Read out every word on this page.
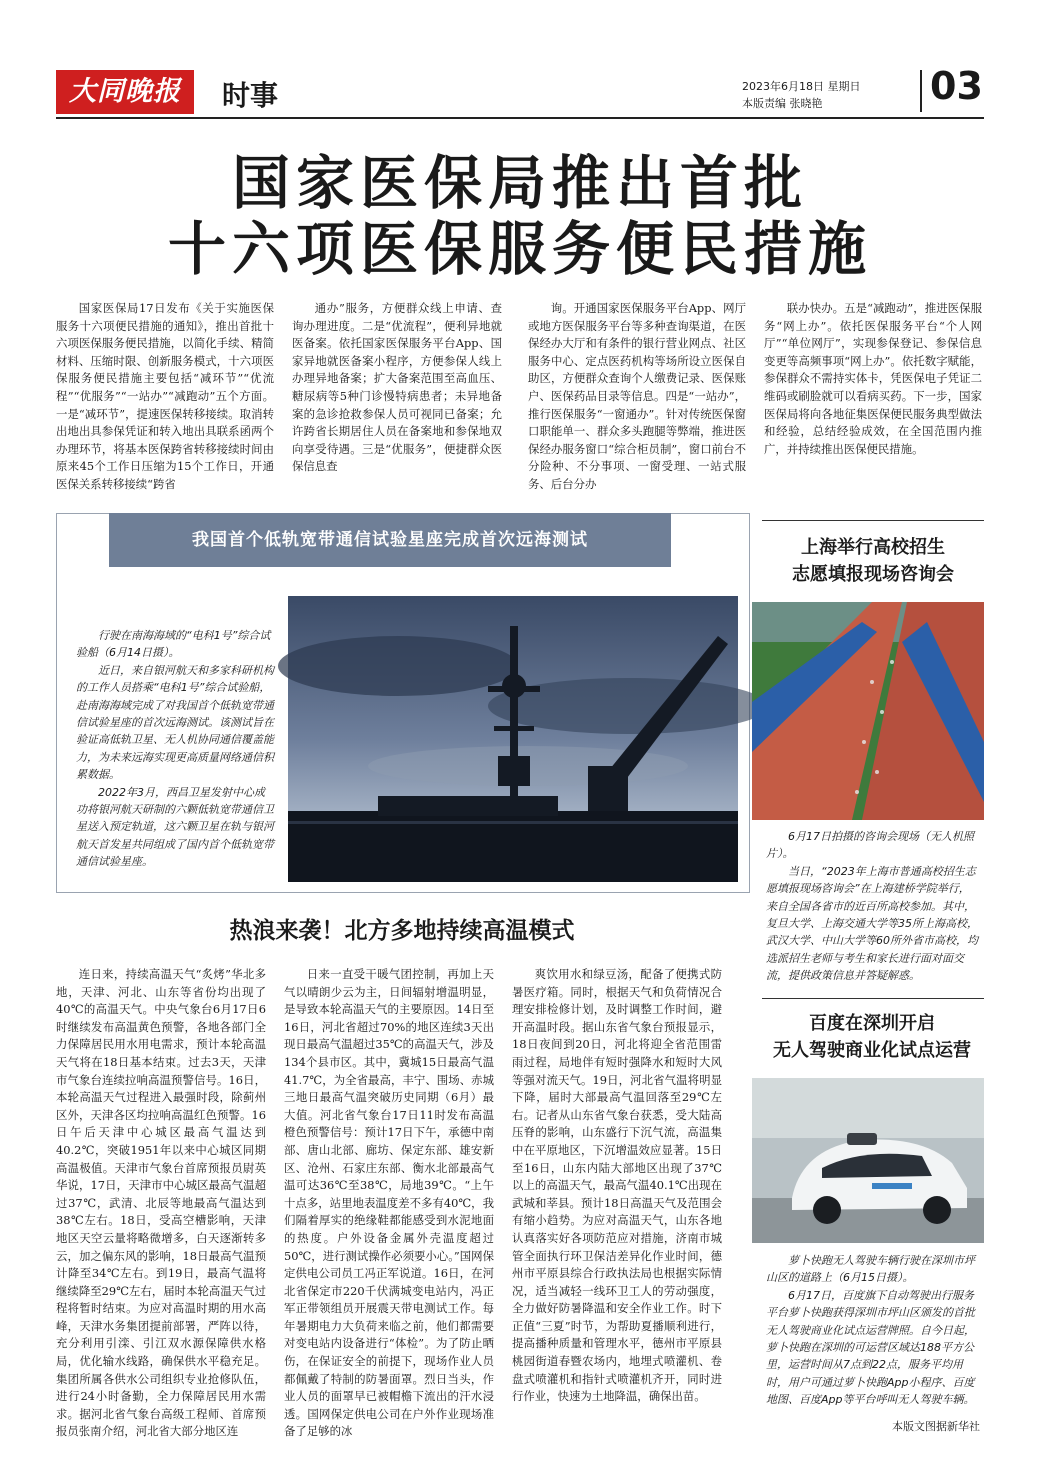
大同晚报	时事	2023年6月18日 星期日
本版责编 张晓艳	03
国家医保局推出首批
十六项医保服务便民措施

国家医保局17日发布《关于实施医保服务十六项便民措施的通知》，推出首批十六项医保服务便民措施，以简化手续、精简材料、压缩时限、创新服务模式，十六项医保服务便民措施主要包括“减环节”“优流程”“优服务”“一站办”“减跑动”五个方面。一是“减环节”，提速医保转移接续。取消转出地出具参保凭证和转入地出具联系函两个办理环节，将基本医保跨省转移接续时间由原来45个工作日压缩为15个工作日，开通医保关系转移接续“跨省

通办”服务，方便群众线上申请、查询办理进度。二是“优流程”，便利异地就医备案。依托国家医保服务平台App、国家异地就医备案小程序，方便参保人线上办理异地备案；扩大备案范围至高血压、糖尿病等5种门诊慢特病患者；未异地备案的急诊抢救参保人员可视同已备案；允许跨省长期居住人员在备案地和参保地双向享受待遇。三是“优服务”，便捷群众医保信息查

询。开通国家医保服务平台App、网厅或地方医保服务平台等多种查询渠道，在医保经办大厅和有条件的银行营业网点、社区服务中心、定点医药机构等场所设立医保自助区，方便群众查询个人缴费记录、医保账户、医保药品目录等信息。四是“一站办”，推行医保服务“一窗通办”。针对传统医保窗口职能单一、群众多头跑腿等弊端，推进医保经办服务窗口“综合柜员制”，窗口前台不分险种、不分事项、一窗受理、一站式服务、后台分办

联办快办。五是“减跑动”，推进医保服务“网上办”。依托医保服务平台“个人网厅”“单位网厅”，实现参保登记、参保信息变更等高频事项“网上办”。依托数字赋能，参保群众不需持实体卡，凭医保电子凭证二维码或刷脸就可以看病买药。下一步，国家医保局将向各地征集医保便民服务典型做法和经验，总结经验成效，在全国范围内推广，并持续推出医保便民措施。

我国首个低轨宽带通信试验星座完成首次远海测试

行驶在南海海域的“电科1号”综合试验船（6月14日摄）。

近日，来自银河航天和多家科研机构的工作人员搭乘“电科1号”综合试验船，赴南海海域完成了对我国首个低轨宽带通信试验星座的首次远海测试。该测试旨在验证高低轨卫星、无人机协同通信覆盖能力，为未来远海实现更高质量网络通信积累数据。

2022年3月，西昌卫星发射中心成功将银河航天研制的六颗低轨宽带通信卫星送入预定轨道，这六颗卫星在轨与银河航天首发星共同组成了国内首个低轨宽带通信试验星座。

热浪来袭！北方多地持续高温模式

连日来，持续高温天气“炙烤”华北多地，天津、河北、山东等省份均出现了40℃的高温天气。中央气象台6月17日6时继续发布高温黄色预警，各地各部门全力保障居民用水用电需求，预计本轮高温天气将在18日基本结束。过去3天，天津市气象台连续拉响高温预警信号。16日，本轮高温天气过程进入最强时段，除蓟州区外，天津各区均拉响高温红色预警。16日午后天津中心城区最高气温达到40.2℃，突破1951年以来中心城区同期高温极值。天津市气象台首席预报员尉英华说，17日，天津市中心城区最高气温超过37℃，武清、北辰等地最高气温达到38℃左右。18日，受高空槽影响，天津地区天空云量将略微增多，白天逐渐转多云，加之偏东风的影响，18日最高气温预计降至34℃左右。到19日，最高气温将继续降至29℃左右，届时本轮高温天气过程将暂时结束。为应对高温时期的用水高峰，天津水务集团提前部署，严阵以待，充分利用引滦、引江双水源保障供水格局，优化输水线路，确保供水平稳充足。集团所属各供水公司组织专业抢修队伍，进行24小时备勤，全力保障居民用水需求。据河北省气象台高级工程师、首席预报员张南介绍，河北省大部分地区连

日来一直受干暖气团控制，再加上天气以晴朗少云为主，日间辐射增温明显，是导致本轮高温天气的主要原因。14日至16日，河北省超过70%的地区连续3天出现日最高气温超过35℃的高温天气，涉及134个县市区。其中，冀城15日最高气温41.7℃，为全省最高，丰宁、围场、赤城三地日最高气温突破历史同期（6月）最大值。河北省气象台17日11时发布高温橙色预警信号：预计17日下午，承德中南部、唐山北部、廊坊、保定东部、雄安新区、沧州、石家庄东部、衡水北部最高气温可达36℃至38℃，局地39℃。“上午十点多，站里地表温度差不多有40℃，我们隔着厚实的绝缘鞋都能感受到水泥地面的热度。户外设备金属外壳温度超过50℃，进行测试操作必须要小心。”国网保定供电公司员工冯正军说道。16日，在河北省保定市220千伏满城变电站内，冯正军正带领组员开展震天带电测试工作。每年暑期电力大负荷来临之前，他们都需要对变电站内设备进行“体检”。为了防止晒伤，在保证安全的前提下，现场作业人员都佩戴了特制的防暑面罩。烈日当头，作业人员的面罩早已被帽檐下流出的汗水浸透。国网保定供电公司在户外作业现场准备了足够的冰

爽饮用水和绿豆汤，配备了便携式防暑医疗箱。同时，根据天气和负荷情况合理安排检修计划，及时调整工作时间，避开高温时段。据山东省气象台预报显示，18日夜间到20日，河北将迎全省范围雷雨过程，局地伴有短时强降水和短时大风等强对流天气。19日，河北省气温将明显下降，届时大部最高气温回落至29℃左右。记者从山东省气象台获悉，受大陆高压脊的影响，山东盛行下沉气流，高温集中在平原地区，下沉增温效应显著。15日至16日，山东内陆大部地区出现了37℃以上的高温天气，最高气温40.1℃出现在武城和莘县。预计18日高温天气及范围会有缩小趋势。为应对高温天气，山东各地认真落实好各项防范应对措施，济南市城管全面执行环卫保洁差异化作业时间，德州市平原县综合行政执法局也根据实际情况，适当减轻一线环卫工人的劳动强度，全力做好防暑降温和安全作业工作。时下正值“三夏”时节，为帮助夏播顺利进行，提高播种质量和管理水平，德州市平原县桃园街道春暨农场内，地埋式喷灌机、卷盘式喷灌机和指针式喷灌机齐开，同时进行作业，快速为土地降温，确保出苗。

上海举行高校招生
志愿填报现场咨询会

6月17日拍摄的咨询会现场（无人机照片）。

当日，“2023年上海市普通高校招生志愿填报现场咨询会”在上海建桥学院举行，来自全国各省市的近百所高校参加。其中，复旦大学、上海交通大学等35所上海高校，武汉大学、中山大学等60所外省市高校，均选派招生老师与考生和家长进行面对面交流，提供政策信息并答疑解惑。

百度在深圳开启
无人驾驶商业化试点运营

萝卜快跑无人驾驶车辆行驶在深圳市坪山区的道路上（6月15日摄）。

6月17日，百度旗下自动驾驶出行服务平台萝卜快跑获得深圳市坪山区颁发的首批无人驾驶商业化试点运营牌照。自今日起，萝卜快跑在深圳的可运营区域达188平方公里，运营时间从7点到22点，服务平均用时，用户可通过萝卜快跑App小程序、百度地图、百度App等平台呼叫无人驾驶车辆。

本版文图据新华社
